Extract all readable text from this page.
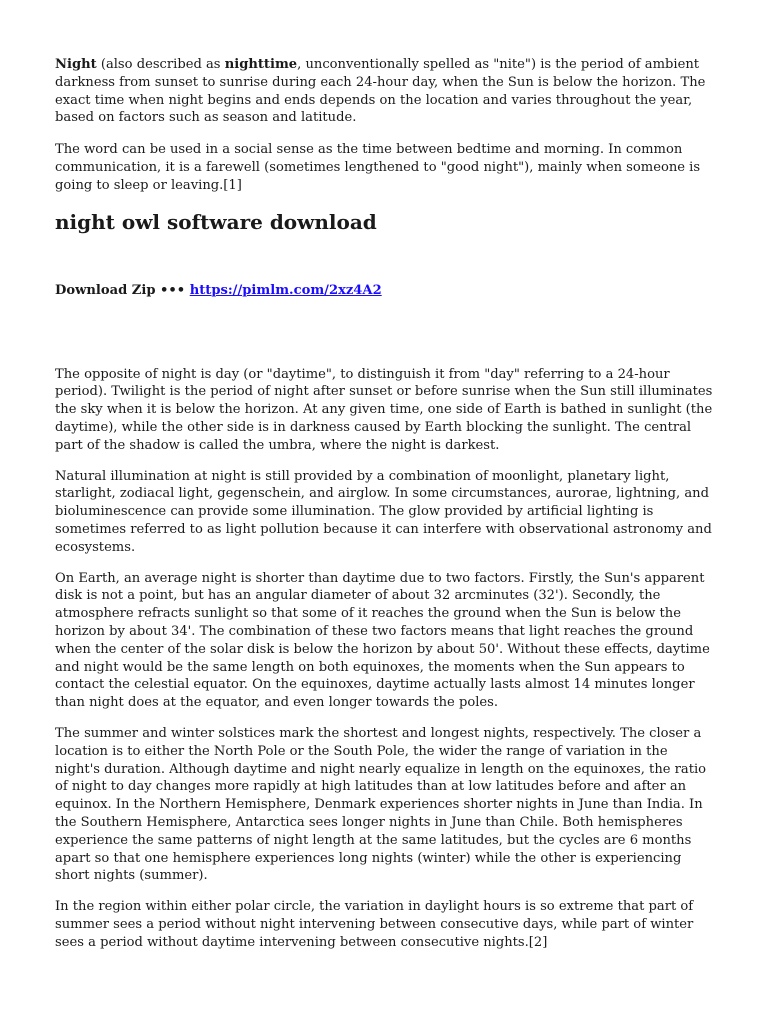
Night (also described as nighttime, unconventionally spelled as "nite") is the period of ambient darkness from sunset to sunrise during each 24-hour day, when the Sun is below the horizon. The exact time when night begins and ends depends on the location and varies throughout the year, based on factors such as season and latitude.

The word can be used in a social sense as the time between bedtime and morning. In common communication, it is a farewell (sometimes lengthened to "good night"), mainly when someone is going to sleep or leaving.[1]

night owl software download
Download Zip ••• https://pimlm.com/2xz4A2

The opposite of night is day (or "daytime", to distinguish it from "day" referring to a 24-hour period). Twilight is the period of night after sunset or before sunrise when the Sun still illuminates the sky when it is below the horizon. At any given time, one side of Earth is bathed in sunlight (the daytime), while the other side is in darkness caused by Earth blocking the sunlight. The central part of the shadow is called the umbra, where the night is darkest.

Natural illumination at night is still provided by a combination of moonlight, planetary light, starlight, zodiacal light, gegenschein, and airglow. In some circumstances, aurorae, lightning, and bioluminescence can provide some illumination. The glow provided by artificial lighting is sometimes referred to as light pollution because it can interfere with observational astronomy and ecosystems.

On Earth, an average night is shorter than daytime due to two factors. Firstly, the Sun's apparent disk is not a point, but has an angular diameter of about 32 arcminutes (32'). Secondly, the atmosphere refracts sunlight so that some of it reaches the ground when the Sun is below the horizon by about 34'. The combination of these two factors means that light reaches the ground when the center of the solar disk is below the horizon by about 50'. Without these effects, daytime and night would be the same length on both equinoxes, the moments when the Sun appears to contact the celestial equator. On the equinoxes, daytime actually lasts almost 14 minutes longer than night does at the equator, and even longer towards the poles.

The summer and winter solstices mark the shortest and longest nights, respectively. The closer a location is to either the North Pole or the South Pole, the wider the range of variation in the night's duration. Although daytime and night nearly equalize in length on the equinoxes, the ratio of night to day changes more rapidly at high latitudes than at low latitudes before and after an equinox. In the Northern Hemisphere, Denmark experiences shorter nights in June than India. In the Southern Hemisphere, Antarctica sees longer nights in June than Chile. Both hemispheres experience the same patterns of night length at the same latitudes, but the cycles are 6 months apart so that one hemisphere experiences long nights (winter) while the other is experiencing short nights (summer).

In the region within either polar circle, the variation in daylight hours is so extreme that part of summer sees a period without night intervening between consecutive days, while part of winter sees a period without daytime intervening between consecutive nights.[2]
